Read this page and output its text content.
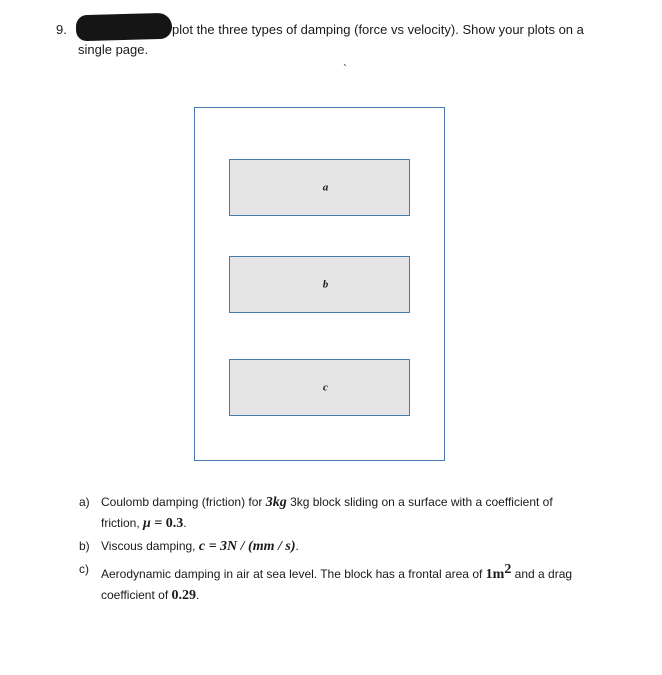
9.	plot the three types of damping (force vs velocity). Show your plots on a
single page.
`
a
b
c
a) Coulomb damping (friction) for 3kg 3kg block sliding on a surface with a coefficient of
friction, μ = 0.3.
b) Viscous damping, c = 3N / (mm / s).
c) Aerodynamic damping in air at sea level. The block has a frontal area of $1m^2$ and a drag
coefficient of 0.29.
